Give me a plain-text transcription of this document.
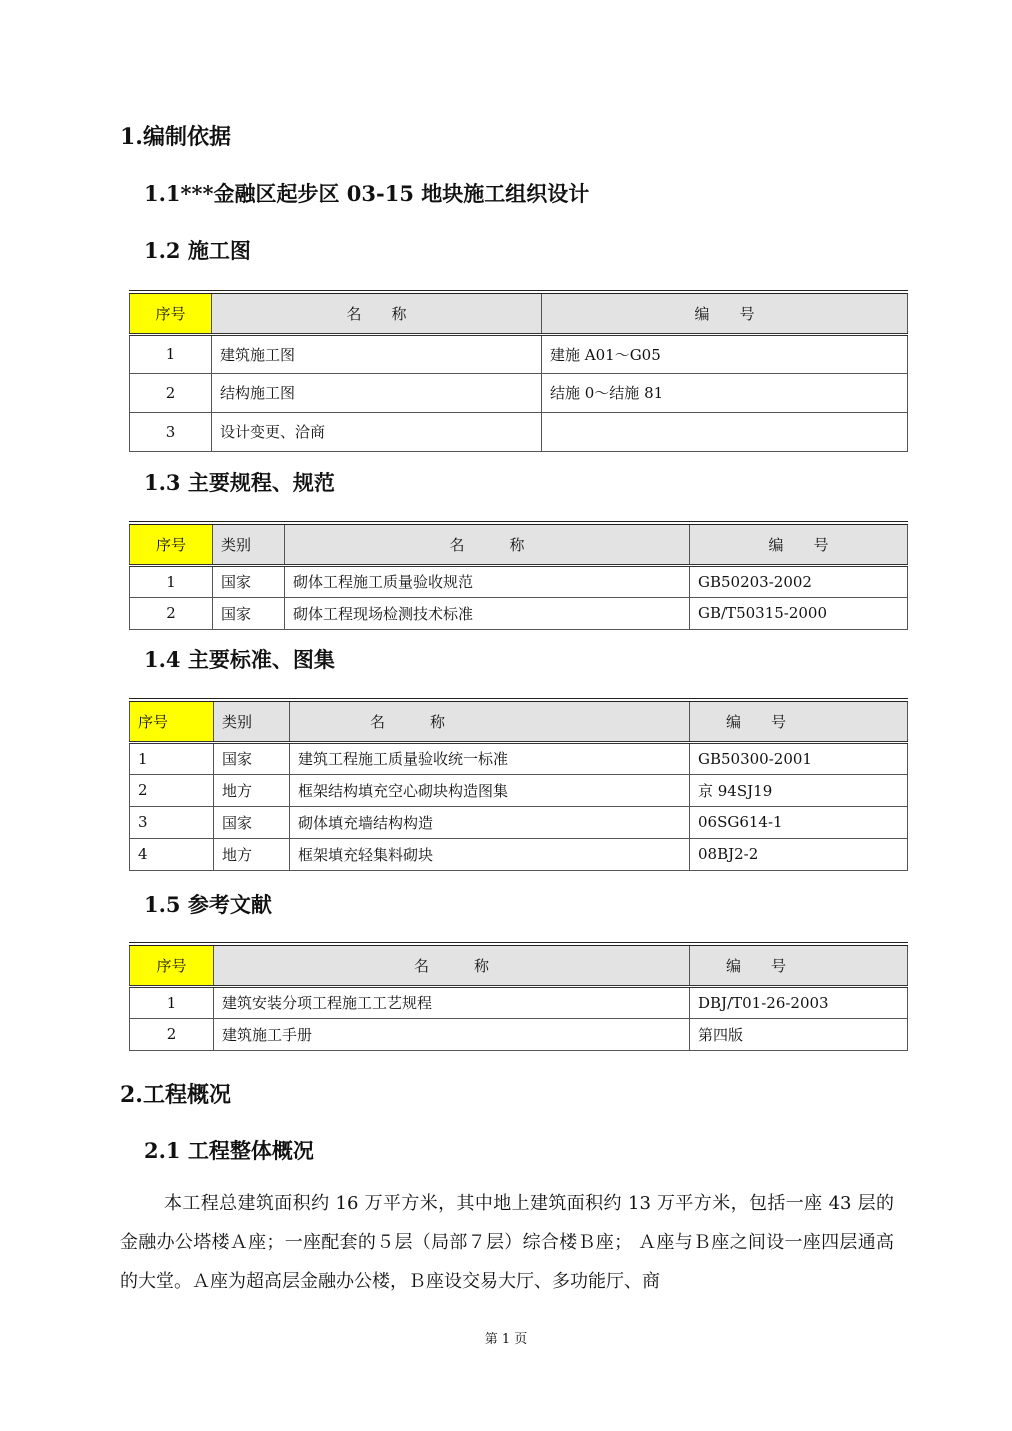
1.编制依据
1.1***金融区起步区 03-15 地块施工组织设计
1.2 施工图
序号	名　　称	编　　号
1	建筑施工图	建施 A01～G05
2	结构施工图	结施 0～结施 81
3	设计变更、洽商	
1.3 主要规程、规范
序号	类别	名　　　称	编　　号
1	国家	砌体工程施工质量验收规范	GB50203-2002
2	国家	砌体工程现场检测技术标准	GB/T50315-2000
1.4 主要标准、图集
序号	类别	名　　　称	编　　号
1	国家	建筑工程施工质量验收统一标准	GB50300-2001
2	地方	框架结构填充空心砌块构造图集	京 94SJ19
3	国家	砌体填充墙结构构造	06SG614-1
4	地方	框架填充轻集料砌块	08BJ2-2
1.5 参考文献
序号	名　　　称	编　　号
1	建筑安装分项工程施工工艺规程	DBJ/T01-26-2003
2	建筑施工手册	第四版
2.工程概况
2.1 工程整体概况

本工程总建筑面积约 16 万平方米，其中地上建筑面积约 13 万平方米，包括一座 43 层的金融办公塔楼Ａ座；一座配套的５层（局部７层）综合楼Ｂ座； Ａ座与Ｂ座之间设一座四层通高的大堂。Ａ座为超高层金融办公楼，Ｂ座设交易大厅、多功能厅、商

第 1 页
